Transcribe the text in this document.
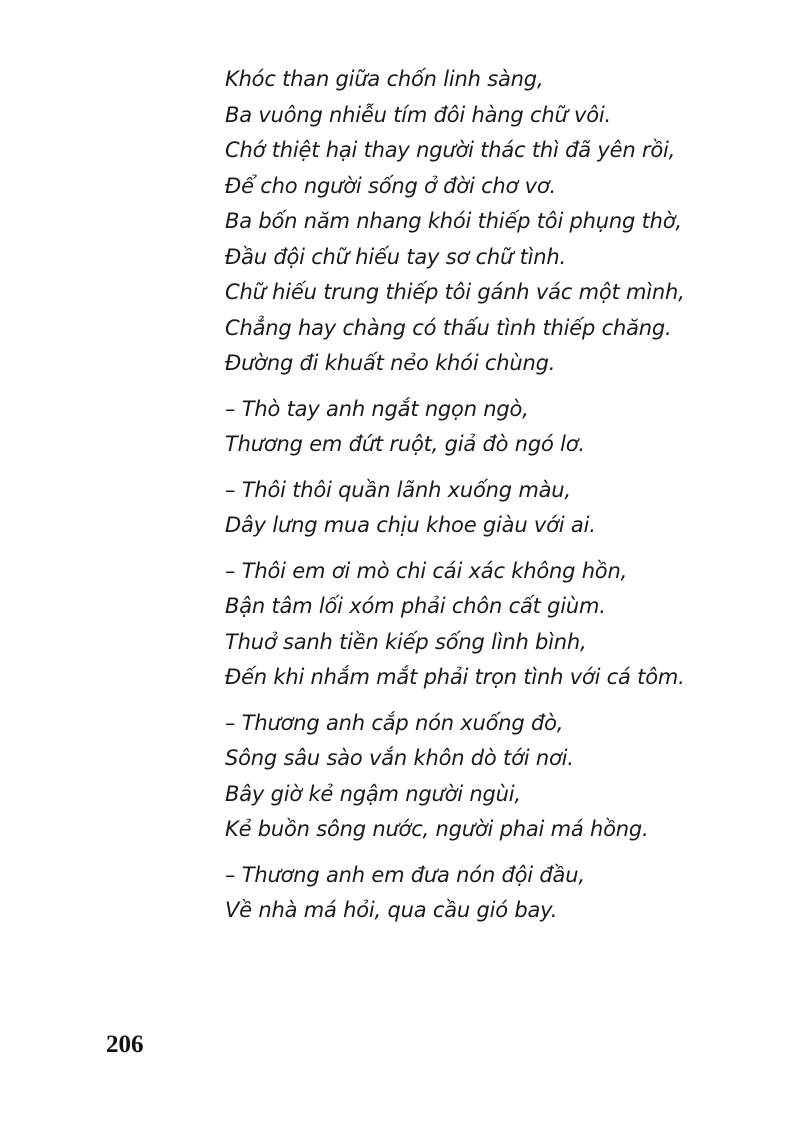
Khóc than giữa chốn linh sàng,
Ba vuông nhiễu tím đôi hàng chữ vôi.
Chớ thiệt hại thay người thác thì đã yên rồi,
Để cho người sống ở đời chơ vơ.
Ba bốn năm nhang khói thiếp tôi phụng thờ,
Đầu đội chữ hiếu tay sơ chữ tình.
Chữ hiếu trung thiếp tôi gánh vác một mình,
Chẳng hay chàng có thấu tình thiếp chăng.
Đường đi khuất nẻo khói chùng.
– Thò tay anh ngắt ngọn ngò,
Thương em đứt ruột, giả đò ngó lơ.
– Thôi thôi quần lãnh xuống màu,
Dây lưng mua chịu khoe giàu với ai.
– Thôi em ơi mò chi cái xác không hồn,
Bận tâm lối xóm phải chôn cất giùm.
Thuở sanh tiền kiếp sống lình bình,
Đến khi nhắm mắt phải trọn tình với cá tôm.
– Thương anh cắp nón xuống đò,
Sông sâu sào vắn khôn dò tới nơi.
Bây giờ kẻ ngậm người ngùi,
Kẻ buồn sông nước, người phai má hồng.
– Thương anh em đưa nón đội đầu,
Về nhà má hỏi, qua cầu gió bay.
206
